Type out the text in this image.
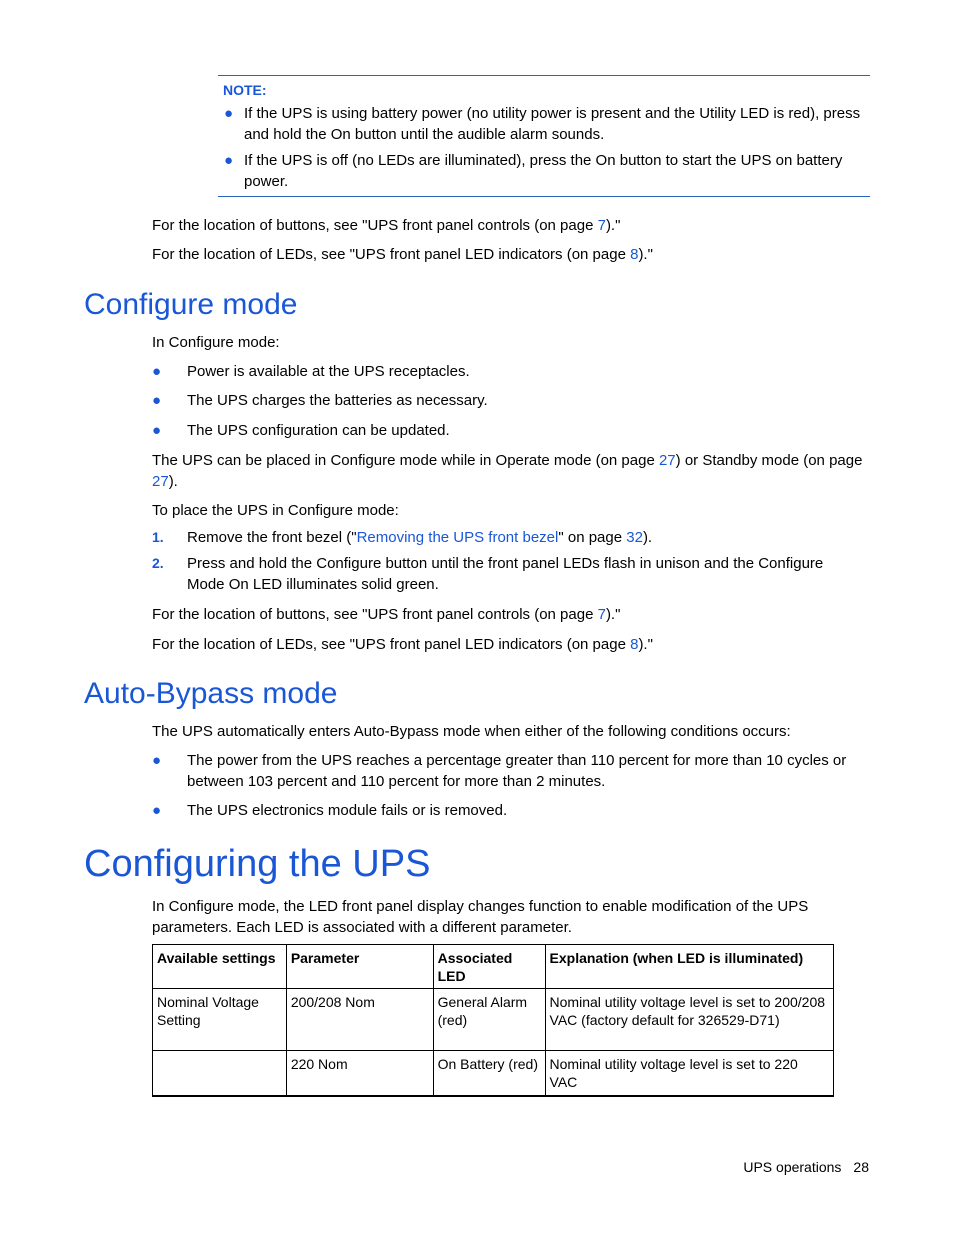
NOTE:
● If the UPS is using battery power (no utility power is present and the Utility LED is red), press and hold the On button until the audible alarm sounds.
● If the UPS is off (no LEDs are illuminated), press the On button to start the UPS on battery power.

For the location of buttons, see "UPS front panel controls (on page 7)."

For the location of LEDs, see "UPS front panel LED indicators (on page 8)."

Configure mode

In Configure mode:

● Power is available at the UPS receptacles.
● The UPS charges the batteries as necessary.
● The UPS configuration can be updated.

The UPS can be placed in Configure mode while in Operate mode (on page 27) or Standby mode (on page 27).

To place the UPS in Configure mode:

1. Remove the front bezel ("Removing the UPS front bezel" on page 32).
2. Press and hold the Configure button until the front panel LEDs flash in unison and the Configure Mode On LED illuminates solid green.

For the location of buttons, see "UPS front panel controls (on page 7)."

For the location of LEDs, see "UPS front panel LED indicators (on page 8)."

Auto-Bypass mode

The UPS automatically enters Auto-Bypass mode when either of the following conditions occurs:

● The power from the UPS reaches a percentage greater than 110 percent for more than 10 cycles or between 103 percent and 110 percent for more than 2 minutes.
● The UPS electronics module fails or is removed.
Configuring the UPS

In Configure mode, the LED front panel display changes function to enable modification of the UPS parameters. Each LED is associated with a different parameter.

Available settings	Parameter	Associated LED	Explanation (when LED is illuminated)
Nominal Voltage Setting	200/208 Nom	General Alarm (red)	Nominal utility voltage level is set to 200/208 VAC (factory default for 326529-D71)
	220 Nom	On Battery (red)	Nominal utility voltage level is set to 220 VAC
UPS operations 28
